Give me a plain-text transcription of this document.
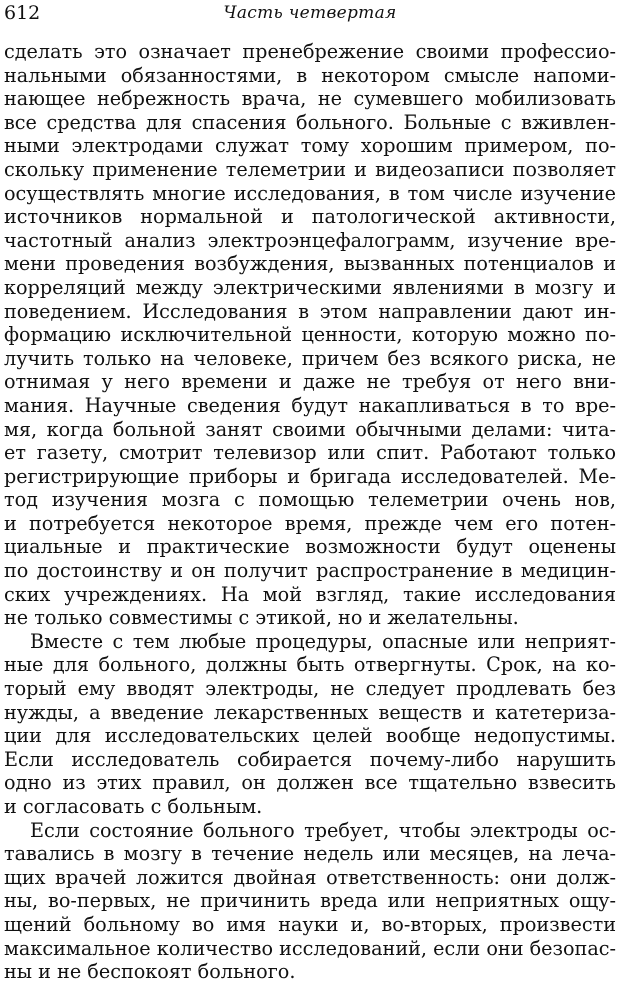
612	Часть четвертая

сделать это означает пренебрежение своими профессио-
нальными обязанностями, в некотором смысле напоми-
нающее небрежность врача, не сумевшего мобилизовать
все средства для спасения больного. Больные с вживлен-
ными электродами служат тому хорошим примером, по-
скольку применение телеметрии и видеозаписи позволяет
осуществлять многие исследования, в том числе изучение
источников нормальной и патологической активности,
частотный анализ электроэнцефалограмм, изучение вре-
мени проведения возбуждения, вызванных потенциалов и
корреляций между электрическими явлениями в мозгу и
поведением. Исследования в этом направлении дают ин-
формацию исключительной ценности, которую можно по-
лучить только на человеке, причем без всякого риска, не
отнимая у него времени и даже не требуя от него вни-
мания. Научные сведения будут накапливаться в то вре-
мя, когда больной занят своими обычными делами: чита-
ет газету, смотрит телевизор или спит. Работают только
регистрирующие приборы и бригада исследователей. Ме-
тод изучения мозга с помощью телеметрии очень нов,
и потребуется некоторое время, прежде чем его потен-
циальные и практические возможности будут оценены
по достоинству и он получит распространение в медицин-
ских учреждениях. На мой взгляд, такие исследования
не только совместимы с этикой, но и желательны.

Вместе с тем любые процедуры, опасные или неприят-
ные для больного, должны быть отвергнуты. Срок, на ко-
торый ему вводят электроды, не следует продлевать без
нужды, а введение лекарственных веществ и катетериза-
ции для исследовательских целей вообще недопустимы.
Если исследователь собирается почему-либо нарушить
одно из этих правил, он должен все тщательно взвесить
и согласовать с больным.

Если состояние больного требует, чтобы электроды ос-
тавались в мозгу в течение недель или месяцев, на леча-
щих врачей ложится двойная ответственность: они долж-
ны, во-первых, не причинить вреда или неприятных ощу-
щений больному во имя науки и, во-вторых, произвести
максимальное количество исследований, если они безопас-
ны и не беспокоят больного.
